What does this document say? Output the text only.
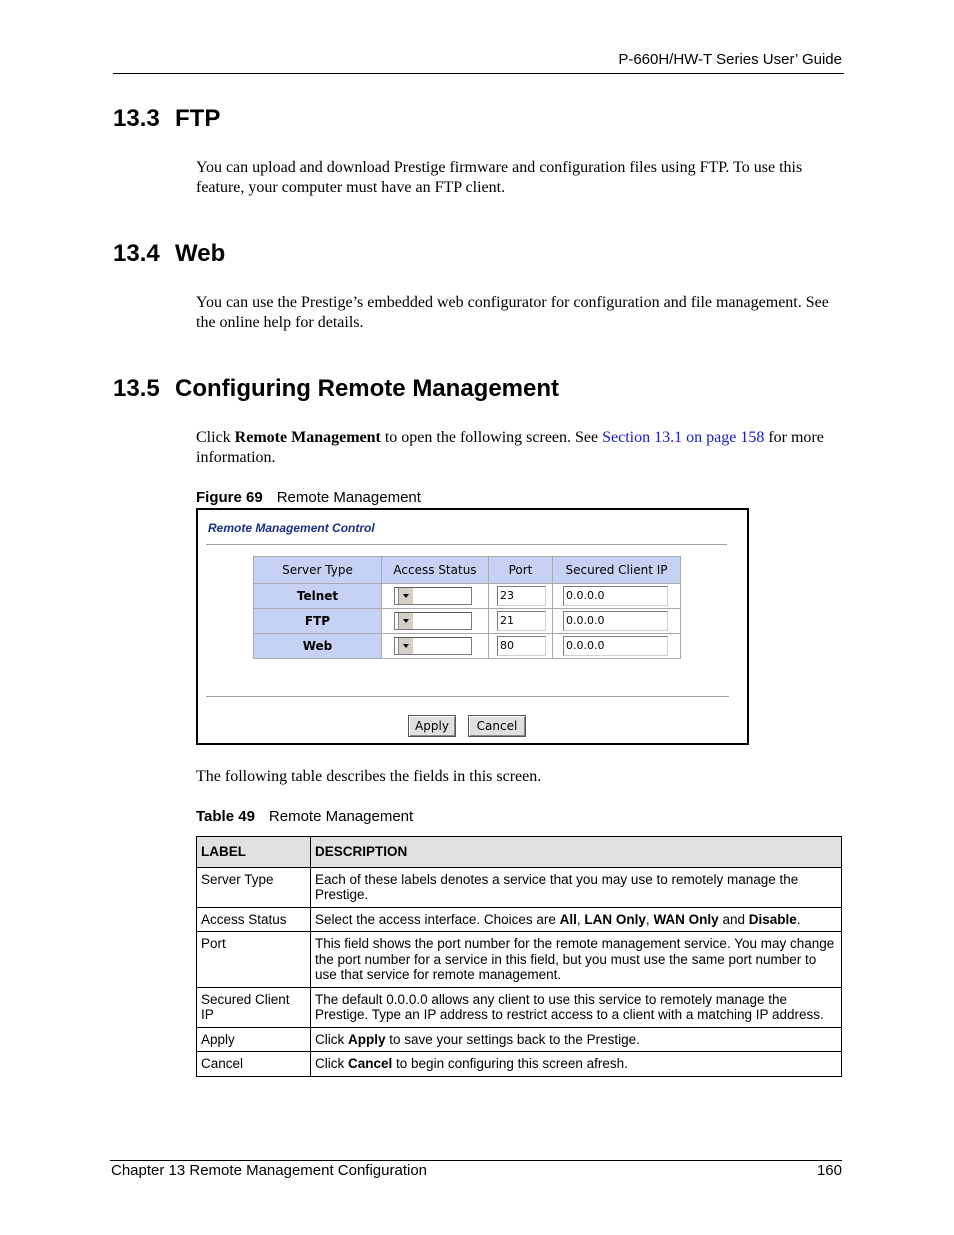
P-660H/HW-T Series User’ Guide
13.3 FTP

You can upload and download Prestige firmware and configuration files using FTP. To use this feature, your computer must have an FTP client.

13.4 Web

You can use the Prestige’s embedded web configurator for configuration and file management. See the online help for details.

13.5 Configuring Remote Management

Click Remote Management to open the following screen. See Section 13.1 on page 158 for more information.

Figure 69 Remote Management
Remote Management Control
Server Type	Access Status	Port	Secured Client IP
Telnet		23	0.0.0.0
FTP		21	0.0.0.0
Web		80	0.0.0.0
Apply	Cancel

The following table describes the fields in this screen.

Table 49 Remote Management
LABEL	DESCRIPTION
Server Type	Each of these labels denotes a service that you may use to remotely manage the Prestige.
Access Status	Select the access interface. Choices are All, LAN Only, WAN Only and Disable.
Port	This field shows the port number for the remote management service. You may change the port number for a service in this field, but you must use the same port number to use that service for remote management.
Secured Client IP	The default 0.0.0.0 allows any client to use this service to remotely manage the Prestige. Type an IP address to restrict access to a client with a matching IP address.
Apply	Click Apply to save your settings back to the Prestige.
Cancel	Click Cancel to begin configuring this screen afresh.
Chapter 13 Remote Management Configuration	160
